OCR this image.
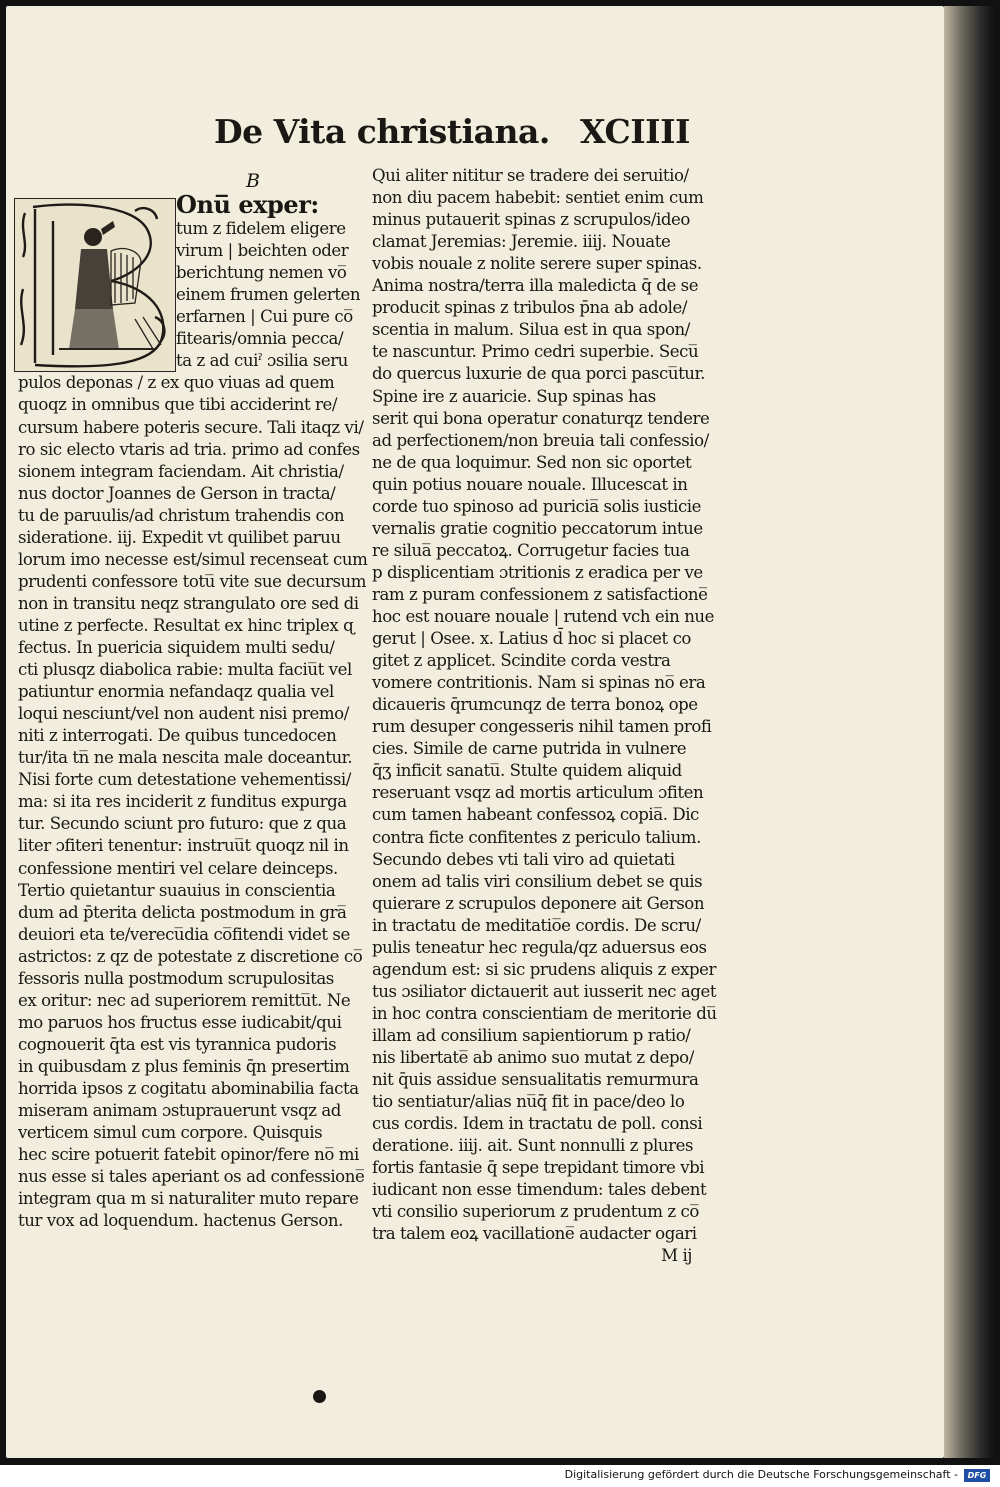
De Vita christiana. XCIIII
B
Onu̅ exper:
tum z fidelem eligere
virum | beichten oder
berichtung nemen vo̅
einem frumen gelerten
erfarnen | Cui pure co̅
fitearis/omnia pecca/
ta z ad cuiˀ ɔsilia seru
pulos deponas / z ex quo viuas ad quem
quoqz in omnibus que tibi acciderint re/
cursum habere poteris secure. Tali itaqz vi/
ro sic electo vtaris ad tria. primo ad confes
sionem integram faciendam. Ait christia/
nus doctor Joannes de Gerson in tracta/
tu de paruulis/ad christum trahendis con
sideratione. iij. Expedit vt quilibet paruu
lorum imo necesse est/simul recenseat cum
prudenti confessore totu̅ vite sue decursum
non in transitu neqz strangulato ore sed di
utine z perfecte. Resultat ex hinc triplex ɋ
fectus. In puericia siquidem multi sedu/
cti plusqz diabolica rabie: multa faciu̅t vel
patiuntur enormia nefandaqz qualia vel
loqui nesciunt/vel non audent nisi premo/
niti z interrogati. De quibus tuncedocen
tur/ita tn̅ ne mala nescita male doceantur.
Nisi forte cum detestatione vehementissi/
ma: si ita res inciderit z funditus expurga
tur. Secundo sciunt pro futuro: que z qua
liter ɔfiteri tenentur: instruu̅t quoqz nil in
confessione mentiri vel celare deinceps.
Tertio quietantur suauius in conscientia
dum ad p̄terita delicta postmodum in gra̅
deuiori eta te/verecu̅dia co̅fitendi videt se
astrictos: z qz de potestate z discretione co̅
fessoris nulla postmodum scrupulositas
ex oritur: nec ad superiorem remittu̅t. Ne
mo paruos hos fructus esse iudicabit/qui
cognouerit q̄ta est vis tyrannica pudoris
in quibusdam z plus feminis q̄n presertim
horrida ipsos z cogitatu abominabilia facta
miseram animam ɔstuprauerunt vsqz ad
verticem simul cum corpore. Quisquis
hec scire potuerit fatebit opinor/fere no̅ mi
nus esse si tales aperiant os ad confessione̅
integram qua m si naturaliter muto repare
tur vox ad loquendum. hactenus Gerson.
Qui aliter nititur se tradere dei seruitio/
non diu pacem habebit: sentiet enim cum
minus putauerit spinas z scrupulos/ideo
clamat Jeremias: Jeremie. iiij. Nouate
vobis nouale z nolite serere super spinas.
Anima nostra/terra illa maledicta q̄ de se
producit spinas z tribulos p̄na ab adole/
scentia in malum. Silua est in qua spon/
te nascuntur. Primo cedri superbie. Secu̅
do quercus luxurie de qua porci pascu̅tur.
Spine ire z auaricie. Sup spinas has
serit qui bona operatur conaturqz tendere
ad perfectionem/non breuia tali confessio/
ne de qua loquimur. Sed non sic oportet
quin potius nouare nouale. Illucescat in
corde tuo spinoso ad puricia̅ solis iusticie
vernalis gratie cognitio peccatorum intue
re silua̅ peccatoꝝ. Corrugetur facies tua
p displicentiam ɔtritionis z eradica per ve
ram z puram confessionem z satisfactione̅
hoc est nouare nouale | rutend vch ein nue
gerut | Osee. x. Latius d̄ hoc si placet co
gitet z applicet. Scindite corda vestra
vomere contritionis. Nam si spinas no̅ era
dicaueris q̄rumcunqz de terra bonoꝝ ope
rum desuper congesseris nihil tamen profi
cies. Simile de carne putrida in vulnere
q̄ʒ inficit sanatu̅. Stulte quidem aliquid
reseruant vsqz ad mortis articulum ɔfiten
cum tamen habeant confessoꝝ copia̅. Dic
contra ficte confitentes z periculo talium.
Secundo debes vti tali viro ad quietati
onem ad talis viri consilium debet se quis
quierare z scrupulos deponere ait Gerson
in tractatu de meditatio̅e cordis. De scru/
pulis teneatur hec regula/qz aduersus eos
agendum est: si sic prudens aliquis z exper
tus ɔsiliator dictauerit aut iusserit nec aget
in hoc contra conscientiam de meritorie du̅
illam ad consilium sapientiorum p ratio/
nis libertate̅ ab animo suo mutat z depo/
nit q̄uis assidue sensualitatis remurmura
tio sentiatur/alias nu̅q̄ fit in pace/deo lo
cus cordis. Idem in tractatu de poll. consi
deratione. iiij. ait. Sunt nonnulli z plures
fortis fantasie q̄ sepe trepidant timore vbi
iudicant non esse timendum: tales debent
vti consilio superiorum z prudentum z co̅
tra talem eoꝝ vacillatione̅ audacter ogari
M ij
Digitalisierung gefördert durch die Deutsche Forschungsgemeinschaft -	DFG
